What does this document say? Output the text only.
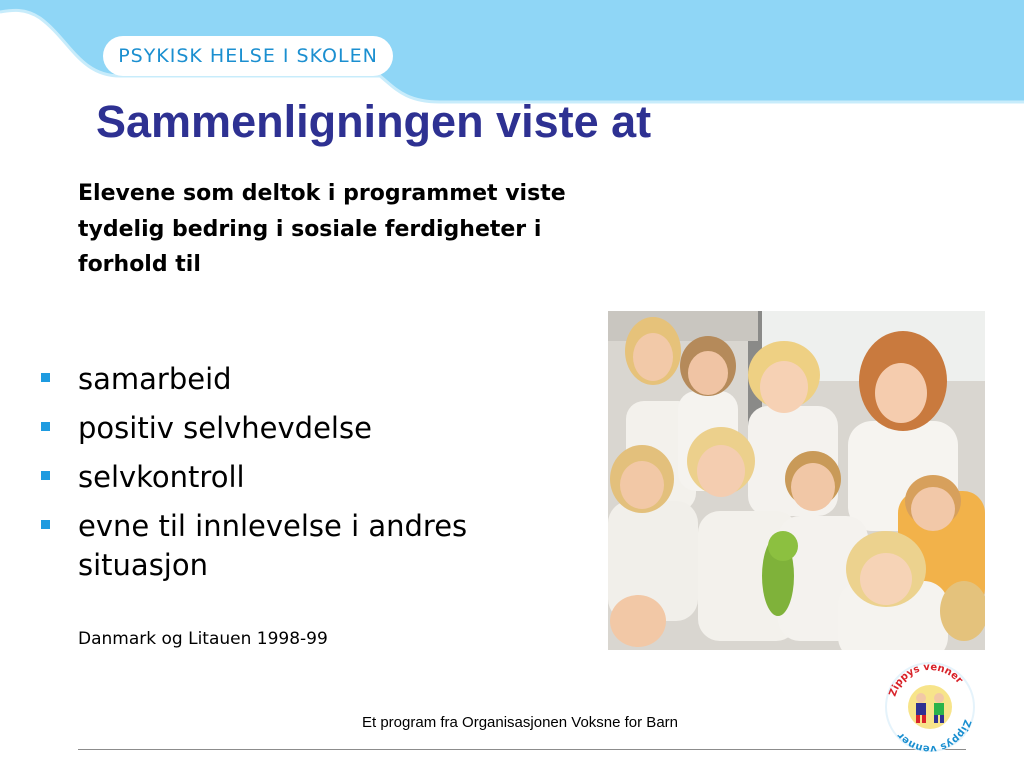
PSYKISK HELSE I SKOLEN
Sammenligningen viste at
Elevene som deltok i programmet viste tydelig bedring i sosiale ferdigheter i forhold til
samarbeid
positiv selvhevdelse
selvkontroll
evne til innlevelse i andres situasjon
Danmark og Litauen 1998-99
Et program fra Organisasjonen Voksne for Barn
Zippys venner
Zippys venner
